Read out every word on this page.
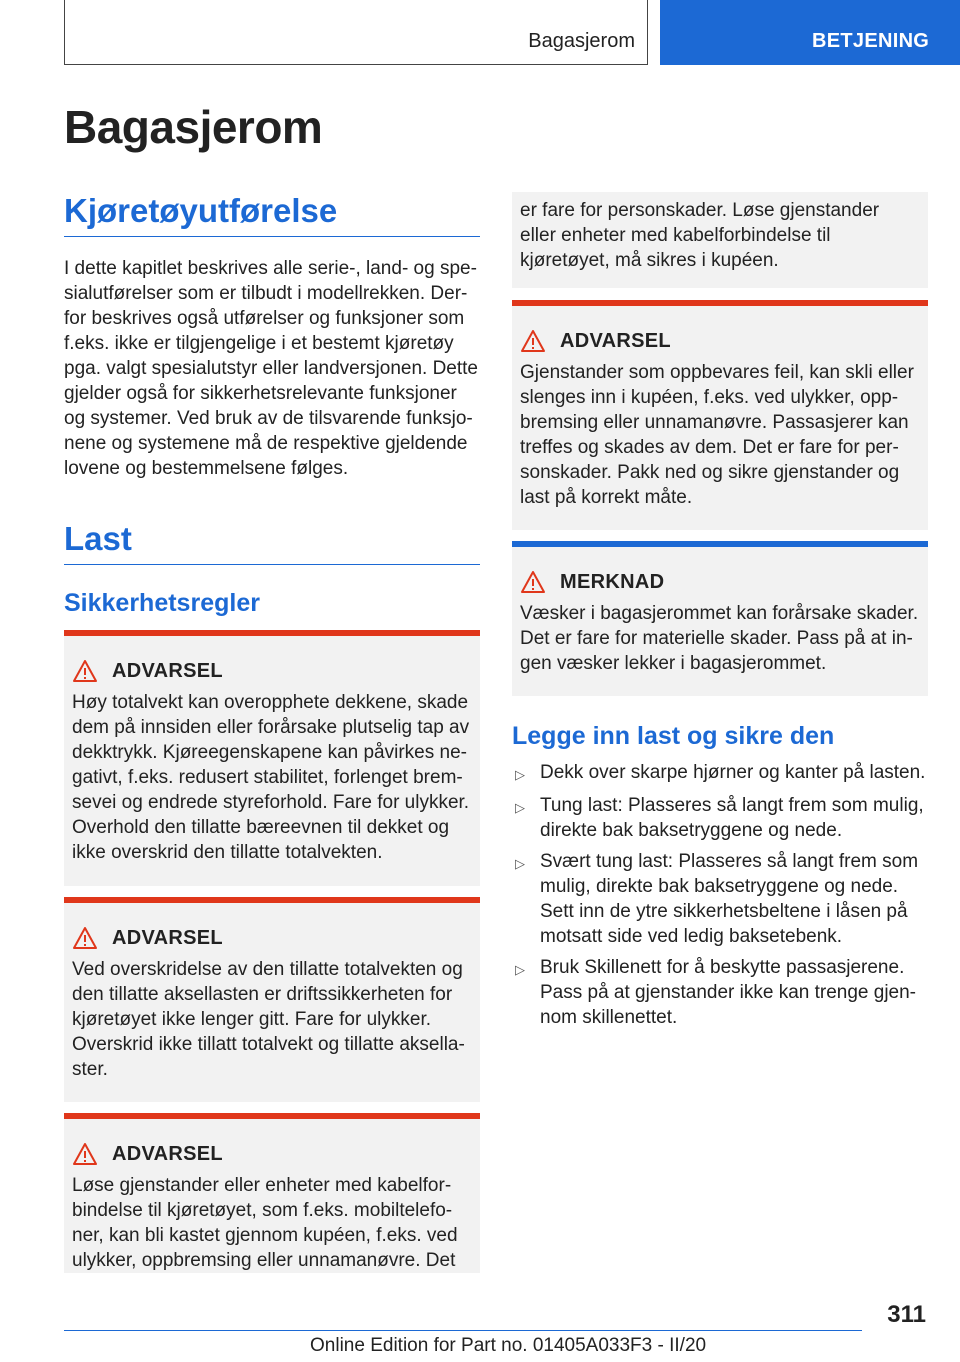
Bagasjerom	BETJENING
Bagasjerom
Kjøretøyutførelse

I dette kapitlet beskrives alle serie-, land- og spe-sialutførelser som er tilbudt i modellrekken. Der-for beskrives også utførelser og funksjoner som f.eks. ikke er tilgjengelige i et bestemt kjøretøy pga. valgt spesialutstyr eller landversjonen. Dette gjelder også for sikkerhetsrelevante funksjoner og systemer. Ved bruk av de tilsvarende funksjo-nene og systemene må de respektive gjeldende lovene og bestemmelsene følges.

Last
Sikkerhetsregler
ADVARSEL

Høy totalvekt kan overopphete dekkene, skade dem på innsiden eller forårsake plutselig tap av dekktrykk. Kjøreegenskapene kan påvirkes ne-gativt, f.eks. redusert stabilitet, forlenget brem-sevei og endrede styreforhold. Fare for ulykker. Overhold den tillatte bæreevnen til dekket og ikke overskrid den tillatte totalvekten.

ADVARSEL

Ved overskridelse av den tillatte totalvekten og den tillatte aksellasten er driftssikkerheten for kjøretøyet ikke lenger gitt. Fare for ulykker. Overskrid ikke tillatt totalvekt og tillatte aksella-ster.

ADVARSEL

Løse gjenstander eller enheter med kabelfor-bindelse til kjøretøyet, som f.eks. mobiltelefo-ner, kan bli kastet gjennom kupéen, f.eks. ved ulykker, oppbremsing eller unnamanøvre. Det

er fare for personskader. Løse gjenstander eller enheter med kabelforbindelse til kjøretøyet, må sikres i kupéen.

ADVARSEL

Gjenstander som oppbevares feil, kan skli eller slenges inn i kupéen, f.eks. ved ulykker, opp-bremsing eller unnamanøvre. Passasjerer kan treffes og skades av dem. Det er fare for per-sonskader. Pakk ned og sikre gjenstander og last på korrekt måte.

MERKNAD

Væsker i bagasjerommet kan forårsake skader. Det er fare for materielle skader. Pass på at in-gen væsker lekker i bagasjerommet.

Legge inn last og sikre den
▷ Dekk over skarpe hjørner og kanter på lasten.
▷ Tung last: Plasseres så langt frem som mulig, direkte bak baksetryggene og nede.
▷ Svært tung last: Plasseres så langt frem som mulig, direkte bak baksetryggene og nede. Sett inn de ytre sikkerhetsbeltene i låsen på motsatt side ved ledig baksetebenk.
▷ Bruk Skillenett for å beskytte passasjerene. Pass på at gjenstander ikke kan trenge gjen-nom skillenettet.
311
Online Edition for Part no. 01405A033F3 - II/20
